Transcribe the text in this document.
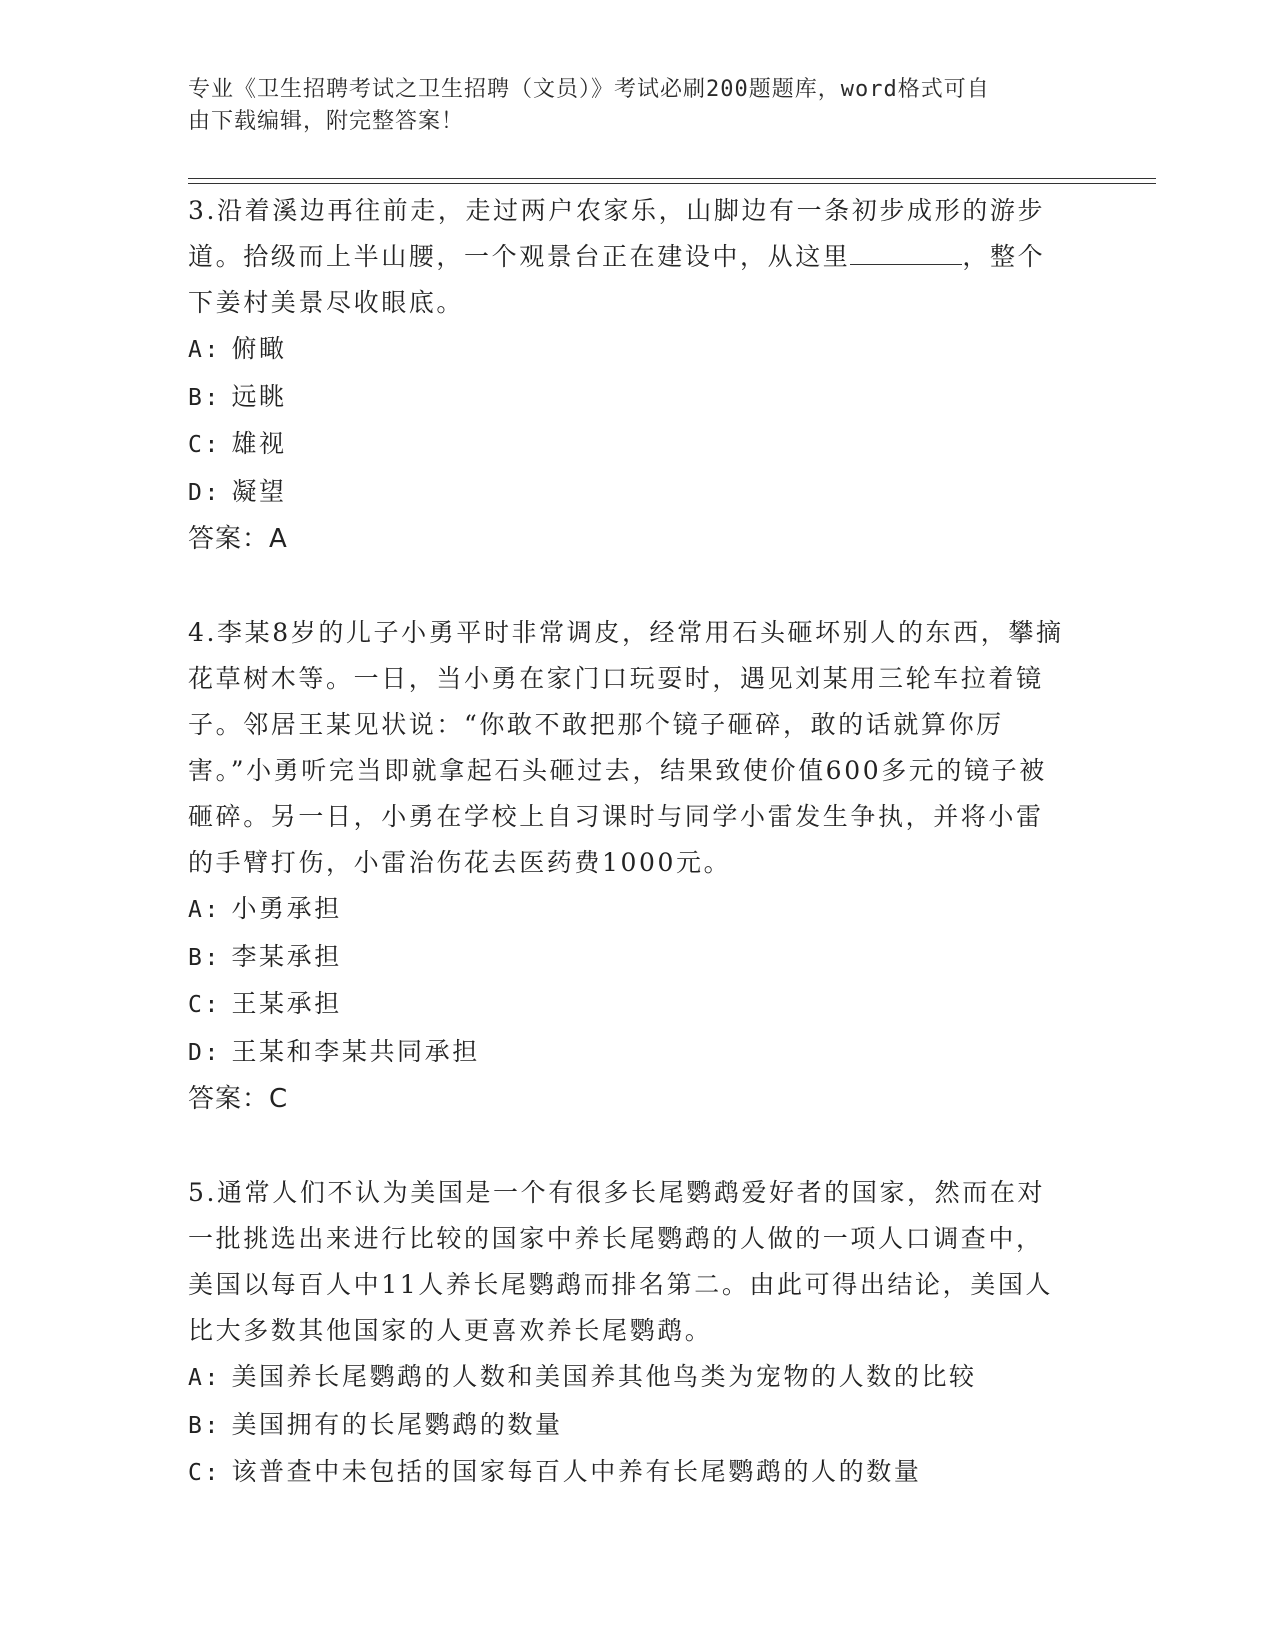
专业《卫生招聘考试之卫生招聘（文员）》考试必刷200题题库，word格式可自
由下载编辑，附完整答案！

3.沿着溪边再往前走，走过两户农家乐，山脚边有一条初步成形的游步道。拾级而上半山腰，一个观景台正在建设中，从这里	，整个下姜村美景尽收眼底。

A: 俯瞰

B: 远眺

C: 雄视

D: 凝望

答案：A

4.李某8岁的儿子小勇平时非常调皮，经常用石头砸坏别人的东西，攀摘花草树木等。一日，当小勇在家门口玩耍时，遇见刘某用三轮车拉着镜子。邻居王某见状说：“你敢不敢把那个镜子砸碎，敢的话就算你厉害。”小勇听完当即就拿起石头砸过去，结果致使价值600多元的镜子被砸碎。另一日，小勇在学校上自习课时与同学小雷发生争执，并将小雷的手臂打伤，小雷治伤花去医药费1000元。

A: 小勇承担

B: 李某承担

C: 王某承担

D: 王某和李某共同承担

答案：C

5.通常人们不认为美国是一个有很多长尾鹦鹉爱好者的国家，然而在对一批挑选出来进行比较的国家中养长尾鹦鹉的人做的一项人口调查中，美国以每百人中11人养长尾鹦鹉而排名第二。由此可得出结论，美国人比大多数其他国家的人更喜欢养长尾鹦鹉。

A: 美国养长尾鹦鹉的人数和美国养其他鸟类为宠物的人数的比较

B: 美国拥有的长尾鹦鹉的数量

C: 该普查中未包括的国家每百人中养有长尾鹦鹉的人的数量
